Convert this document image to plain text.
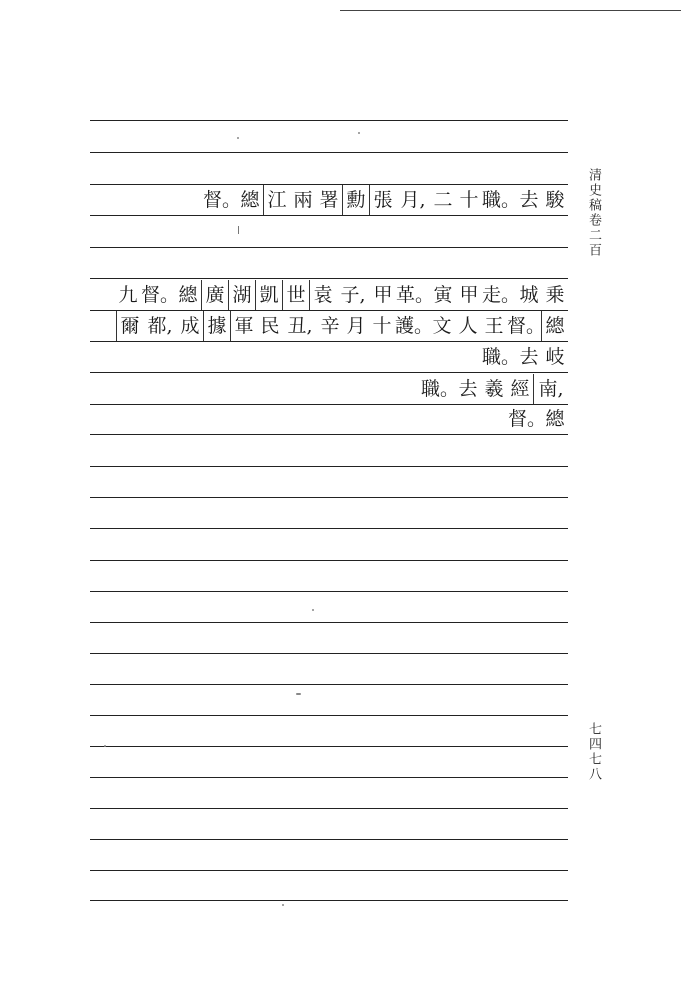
督。 總 江 兩 署 勳 張 月, 二 十 職。 去 駿
九 督。 總 廣 湖 凱 世 袁 子, 甲 革。 寅 甲 走。 城 乗
爾 都, 成 據 軍 民 丑, 辛 月 十 護。 文 人 王 督。 總
職。 去 岐
職。 去 羲 經 南,
督。 總
清史稿卷二百
七四七八
